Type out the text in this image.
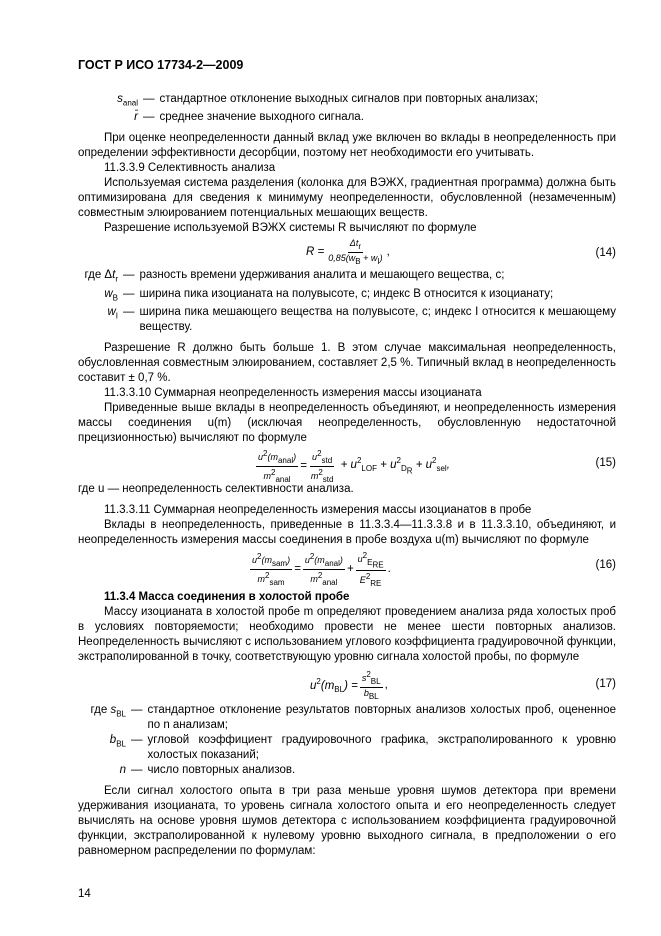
ГОСТ Р ИСО 17734-2—2009
$s_{anal}$ — стандартное отклонение выходных сигналов при повторных анализах;
r̄ — среднее значение выходного сигнала.

При оценке неопределенности данный вклад уже включен во вклады в неопределенность при определении эффективности десорбции, поэтому нет необходимости его учитывать.

11.3.3.9 Селективность анализа

Используемая система разделения (колонка для ВЭЖХ, градиентная программа) должна быть оптимизирована для сведения к минимуму неопределенности, обусловленной (незамеченным) совместным элюированием потенциальных мешающих веществ.

Разрешение используемой ВЭЖХ системы R вычисляют по формуле

$R = \frac{\Delta t_r}{0,85(w_B + w_I)}$ ,	(14)
где $\Delta t_r$ — разность времени удерживания аналита и мешающего вещества, с;
$w_B$ — ширина пика изоцианата на полувысоте, с; индекс B относится к изоцианату;
$w_I$ — ширина пика мешающего вещества на полувысоте, с; индекс I относится к мешающему веществу.

Разрешение R должно быть больше 1. В этом случае максимальная неопределенность, обусловленная совместным элюированием, составляет 2,5 %. Типичный вклад в неопределенность составит ± 0,7 %.

11.3.3.10 Суммарная неопределенность измерения массы изоцианата

Приведенные выше вклады в неопределенность объединяют, и неопределенность измерения массы соединения u(m) (исключая неопределенность, обусловленную недостаточной прецизионностью) вычисляют по формуле

$\frac{u^2(m_{anal})}{m^2_{anal}} = \frac{u^2_{std}}{m^2_{std}} + u^2_{LOF} + u^2_{D_R} + u^2_{sel}$,	(15)

где u — неопределенность селективности анализа.

11.3.3.11 Суммарная неопределенность измерения массы изоцианатов в пробе

Вклады в неопределенность, приведенные в 11.3.3.4—11.3.3.8 и в 11.3.3.10, объединяют, и неопределенность измерения массы соединения в пробе воздуха u(m) вычисляют по формуле

$\frac{u^2(m_{sam})}{m^2_{sam}} = \frac{u^2(m_{anal})}{m^2_{anal}} + \frac{u^2_{E_{RE}}}{E^2_{RE}}$ .	(16)

11.3.4 Масса соединения в холостой пробе

Массу изоцианата в холостой пробе m определяют проведением анализа ряда холостых проб в условиях повторяемости; необходимо провести не менее шести повторных анализов. Неопределенность вычисляют с использованием углового коэффициента градуировочной функции, экстраполированной в точку, соответствующую уровню сигнала холостой пробы, по формуле

$u^2(m_{BL}) = \frac{s^2_{BL}}{b_{BL}}$ ,	(17)
где $s_{BL}$ — стандартное отклонение результатов повторных анализов холостых проб, оцененное по n анализам;
$b_{BL}$ — угловой коэффициент градуировочного графика, экстраполированного к уровню холостых показаний;
n — число повторных анализов.

Если сигнал холостого опыта в три раза меньше уровня шумов детектора при времени удерживания изоцианата, то уровень сигнала холостого опыта и его неопределенность следует вычислять на основе уровня шумов детектора с использованием коэффициента градуировочной функции, экстраполированной к нулевому уровню выходного сигнала, в предположении о его равномерном распределении по формулам:

14
